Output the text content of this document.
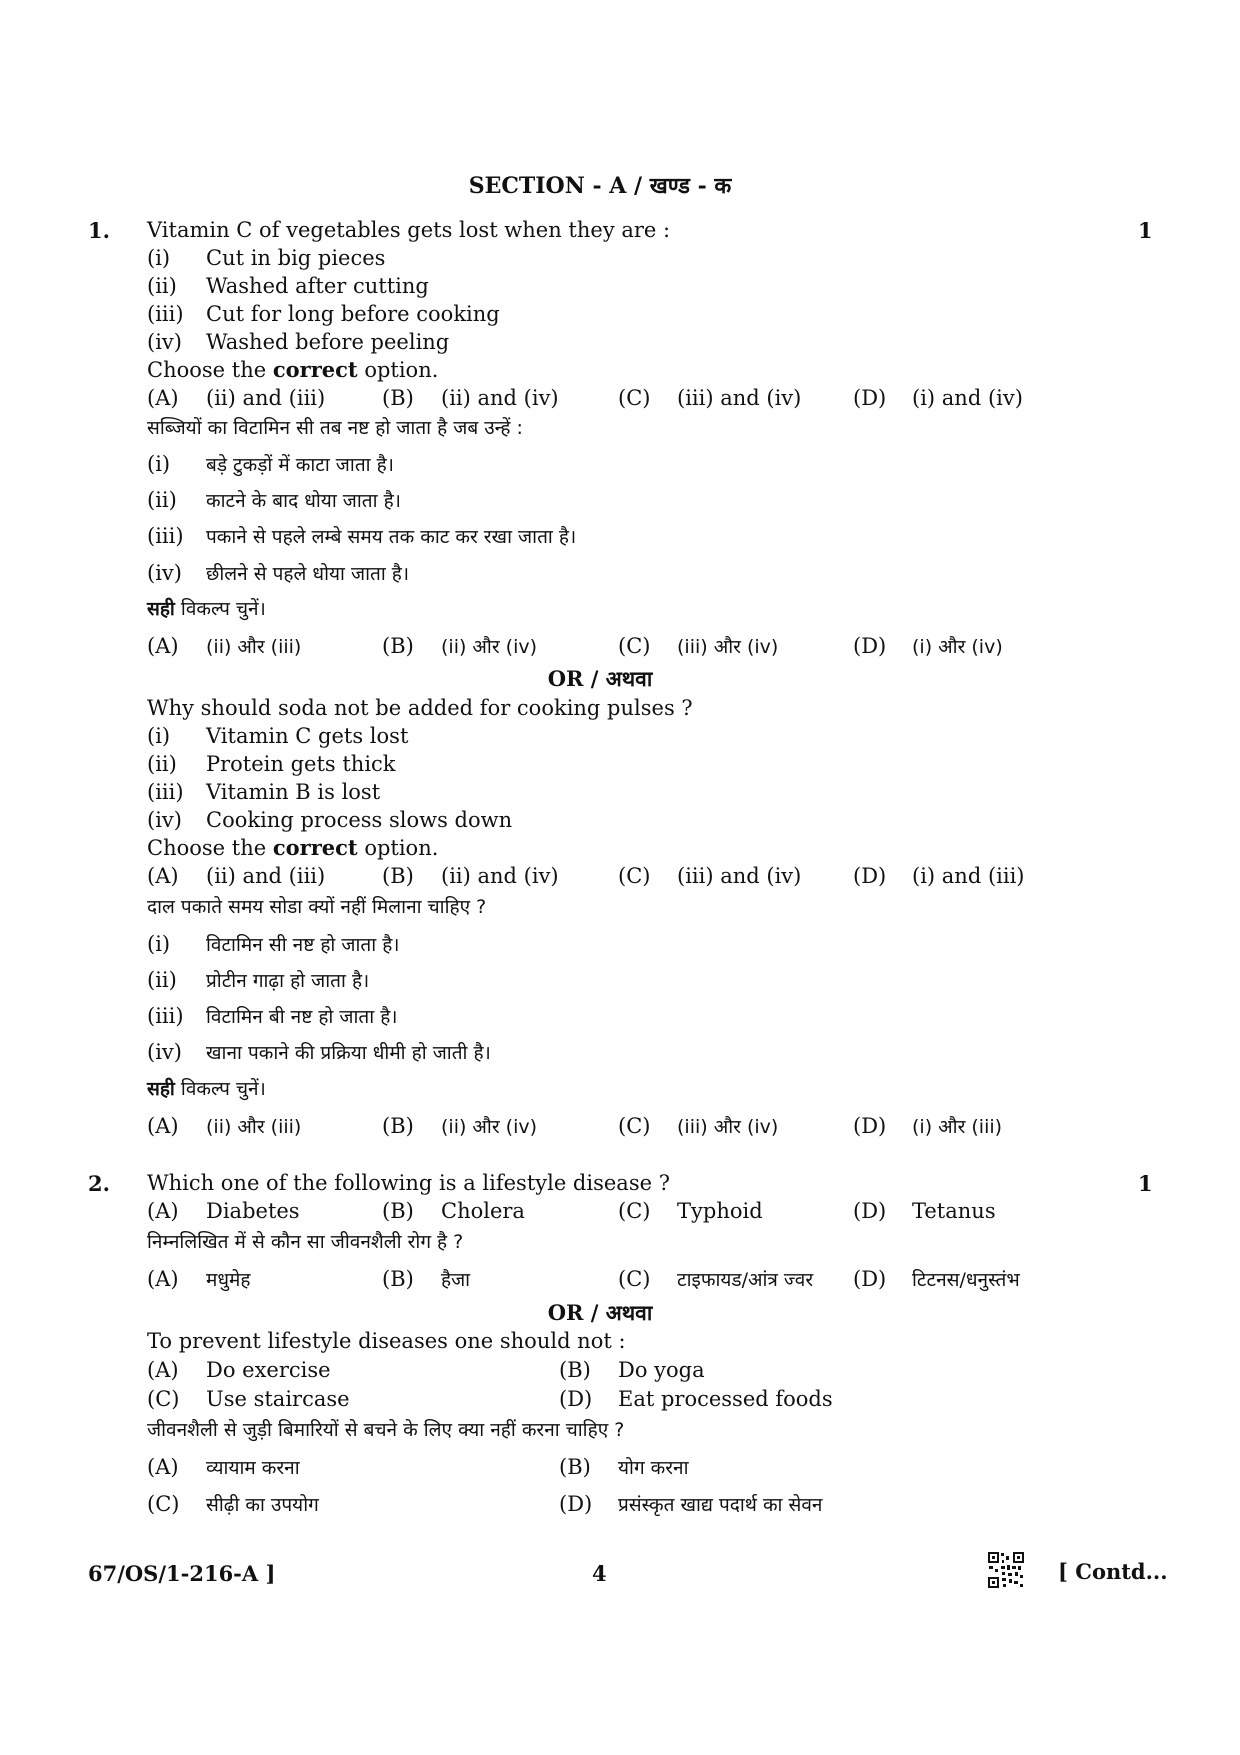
SECTION - A / खण्ड - क
1.	1
Vitamin C of vegetables gets lost when they are :
(i) Cut in big pieces
(ii) Washed after cutting
(iii) Cut for long before cooking
(iv) Washed before peeling
Choose the correct option.
(A) (ii) and (iii)	(B) (ii) and (iv)	(C) (iii) and (iv) (D) (i) and (iv)
सब्जियों का विटामिन सी तब नष्ट हो जाता है जब उन्हें :
(i) बड़े टुकड़ों में काटा जाता है।
(ii) काटने के बाद धोया जाता है।
(iii) पकाने से पहले लम्बे समय तक काट कर रखा जाता है।
(iv) छीलने से पहले धोया जाता है।
सही विकल्प चुनें।
(A) (ii) और (iii)	(B) (ii) और (iv)	(C) (iii) और (iv)	(D) (i) और (iv)
OR / अथवा
Why should soda not be added for cooking pulses ?
(i) Vitamin C gets lost
(ii) Protein gets thick
(iii) Vitamin B is lost
(iv) Cooking process slows down
Choose the correct option.
(A) (ii) and (iii)	(B) (ii) and (iv)	(C) (iii) and (iv) (D) (i) and (iii)
दाल पकाते समय सोडा क्यों नहीं मिलाना चाहिए ?
(i) विटामिन सी नष्ट हो जाता है।
(ii) प्रोटीन गाढ़ा हो जाता है।
(iii) विटामिन बी नष्ट हो जाता है।
(iv) खाना पकाने की प्रक्रिया धीमी हो जाती है।
सही विकल्प चुनें।
(A) (ii) और (iii)	(B) (ii) और (iv)	(C) (iii) और (iv)	(D) (i) और (iii)
2.	1
Which one of the following is a lifestyle disease ?
(A) Diabetes	(B) Cholera	(C) Typhoid	(D) Tetanus
निम्नलिखित में से कौन सा जीवनशैली रोग है ?
(A) मधुमेह	(B) हैजा	(C) टाइफायड/आंत्र ज्वर (D) टिटनस/धनुस्तंभ
OR / अथवा
To prevent lifestyle diseases one should not :
(A) Do exercise	(B) Do yoga
(C) Use staircase	(D) Eat processed foods
जीवनशैली से जुड़ी बिमारियों से बचने के लिए क्या नहीं करना चाहिए ?
(A) व्यायाम करना	(B) योग करना
(C) सीढ़ी का उपयोग	(D) प्रसंस्कृत खाद्य पदार्थ का सेवन
67/OS/1-216-A ]	4	[ Contd...
